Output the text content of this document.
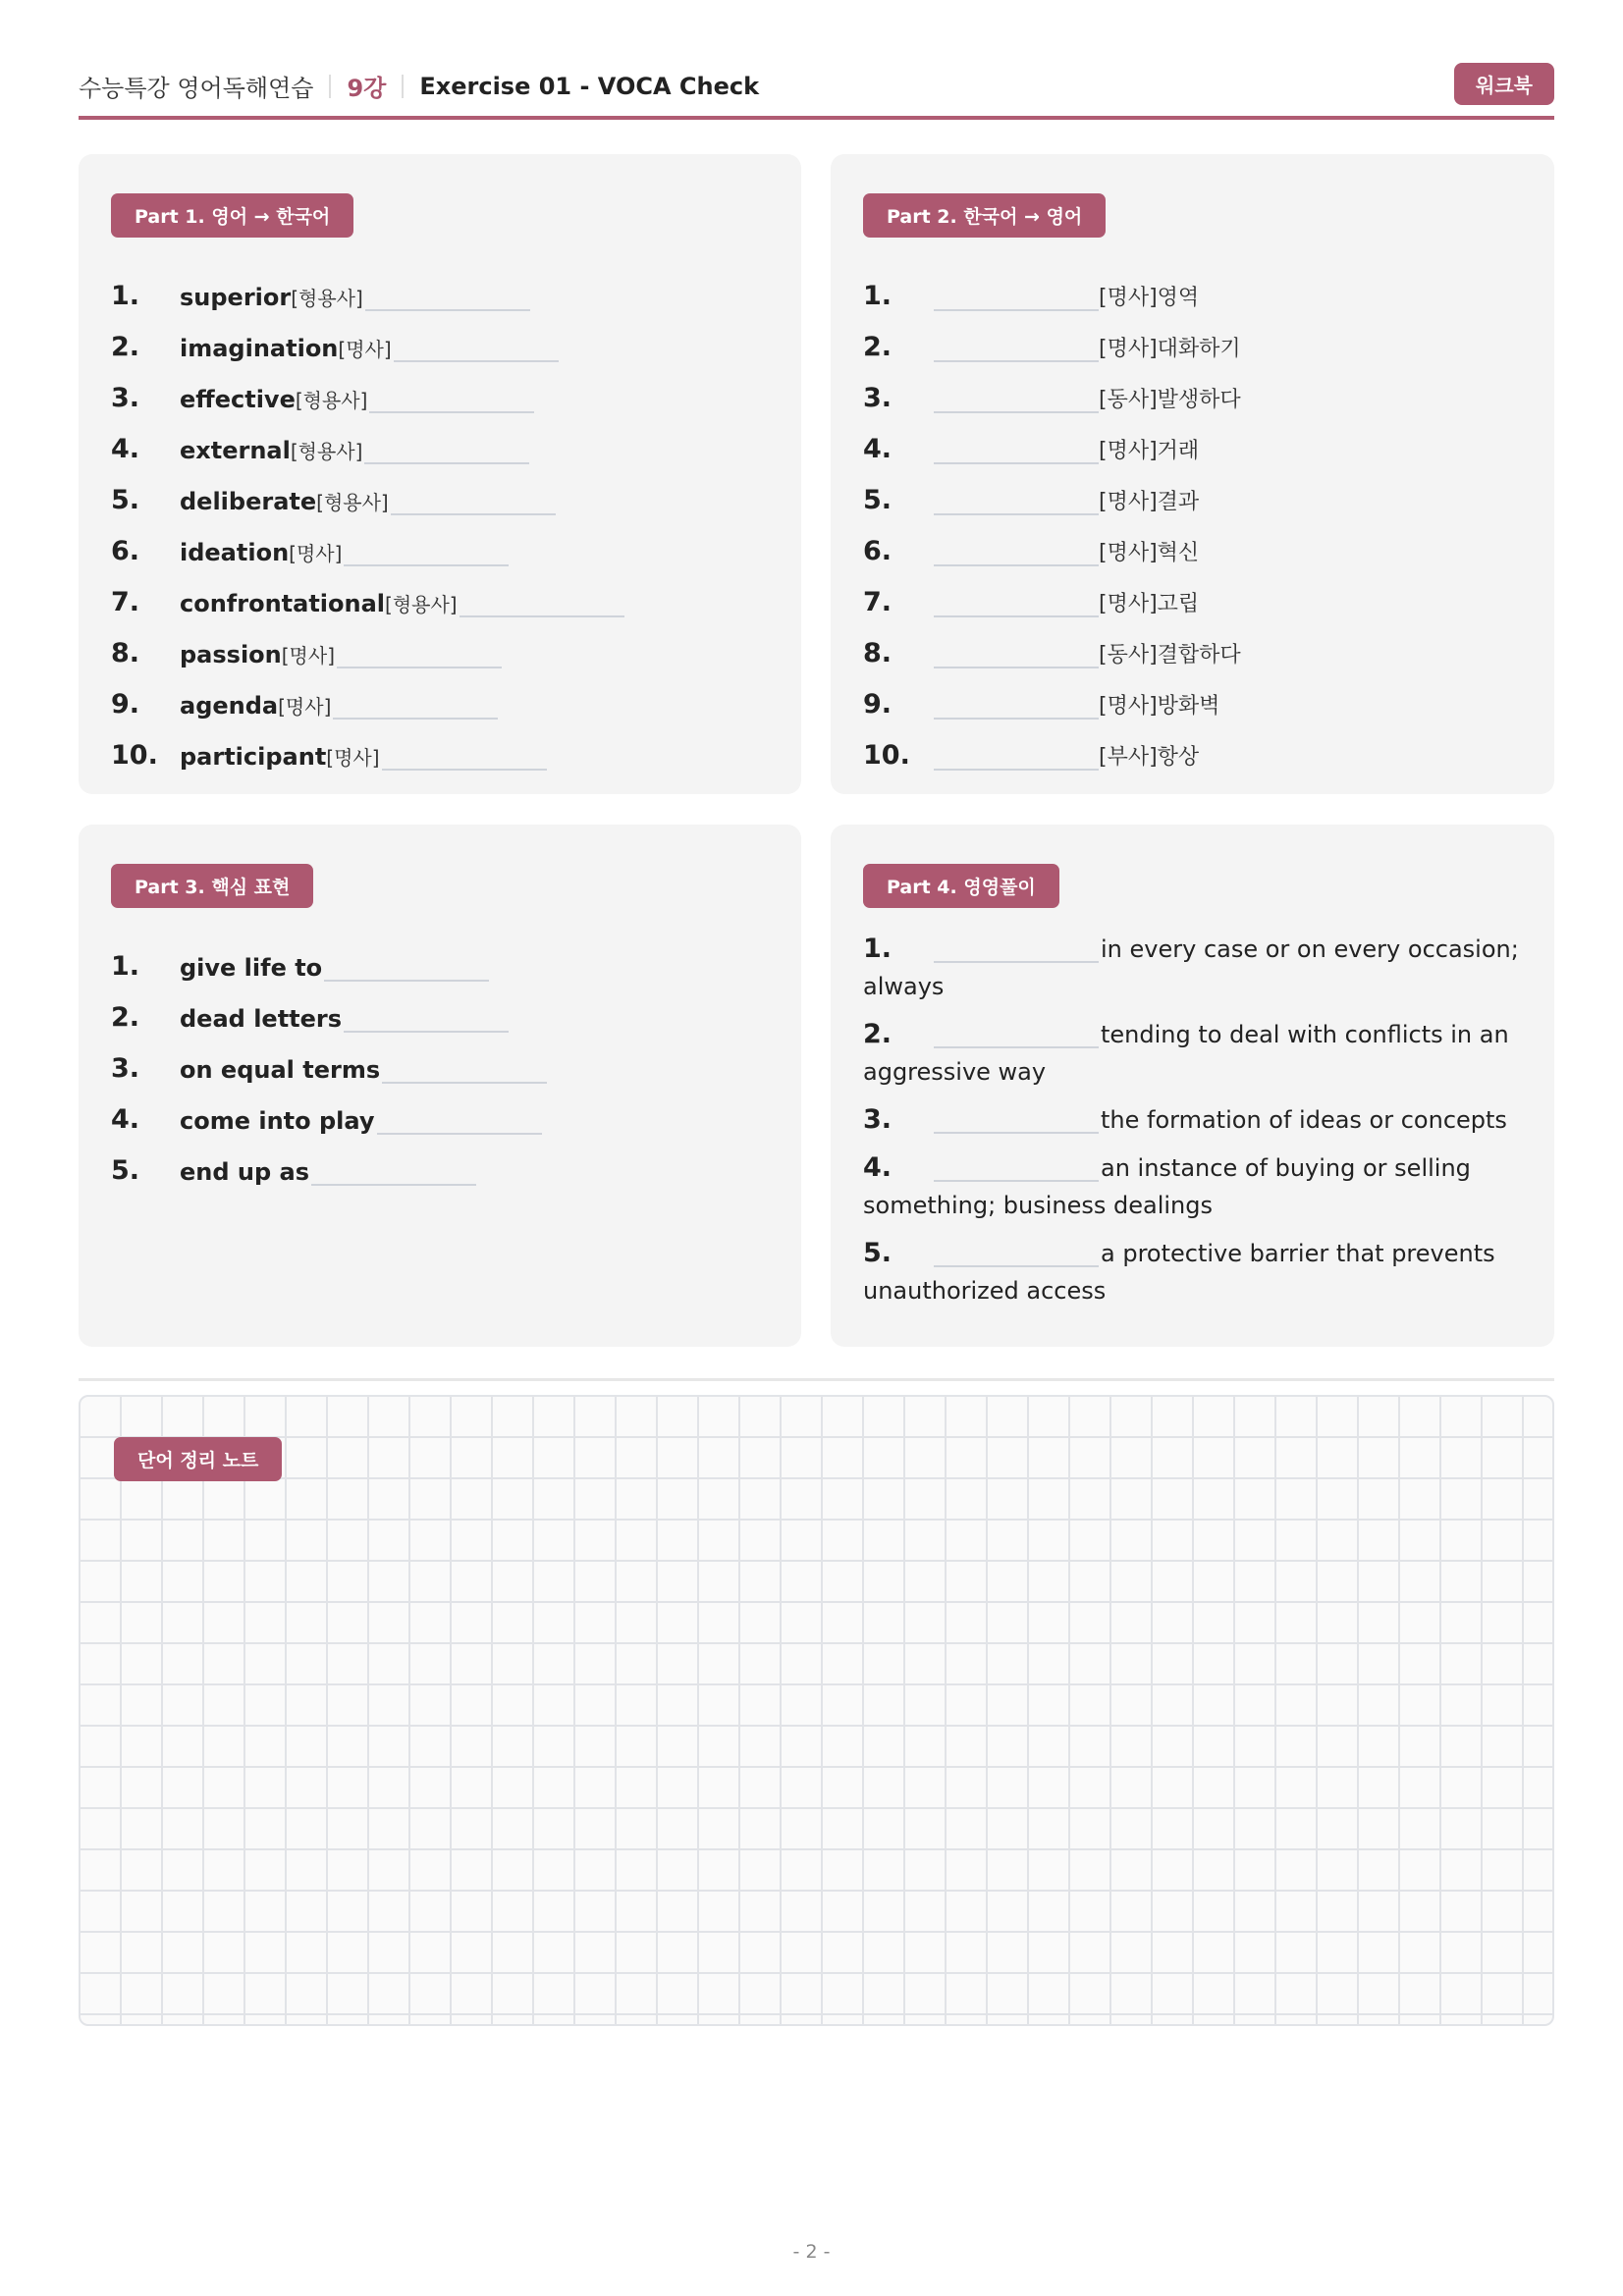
수능특강 영어독해연습 9강 Exercise 01 - VOCA Check	워크북
Part 1. 영어 → 한국어
1.	superior [형용사]
2.	imagination [명사]
3.	effective [형용사]
4.	external [형용사]
5.	deliberate [형용사]
6.	ideation [명사]
7.	confrontational [형용사]
8.	passion [명사]
9.	agenda [명사]
10. participant [명사]
Part 2. 한국어 → 영어
1.	[명사]영역
2.	[명사]대화하기
3.	[동사]발생하다
4.	[명사]거래
5.	[명사]결과
6.	[명사]혁신
7.	[명사]고립
8.	[동사]결합하다
9.	[명사]방화벽
10.	[부사]항상
Part 3. 핵심 표현
1.	give life to
2.	dead letters
3.	on equal terms
4.	come into play
5.	end up as
Part 4. 영영풀이
1.	in every case or on every occasion; always
2.	tending to deal with conflicts in an aggressive way
3.	the formation of ideas or concepts
4.	an instance of buying or selling something; business dealings
5.	a protective barrier that prevents unauthorized access
단어 정리 노트
- 2 -
